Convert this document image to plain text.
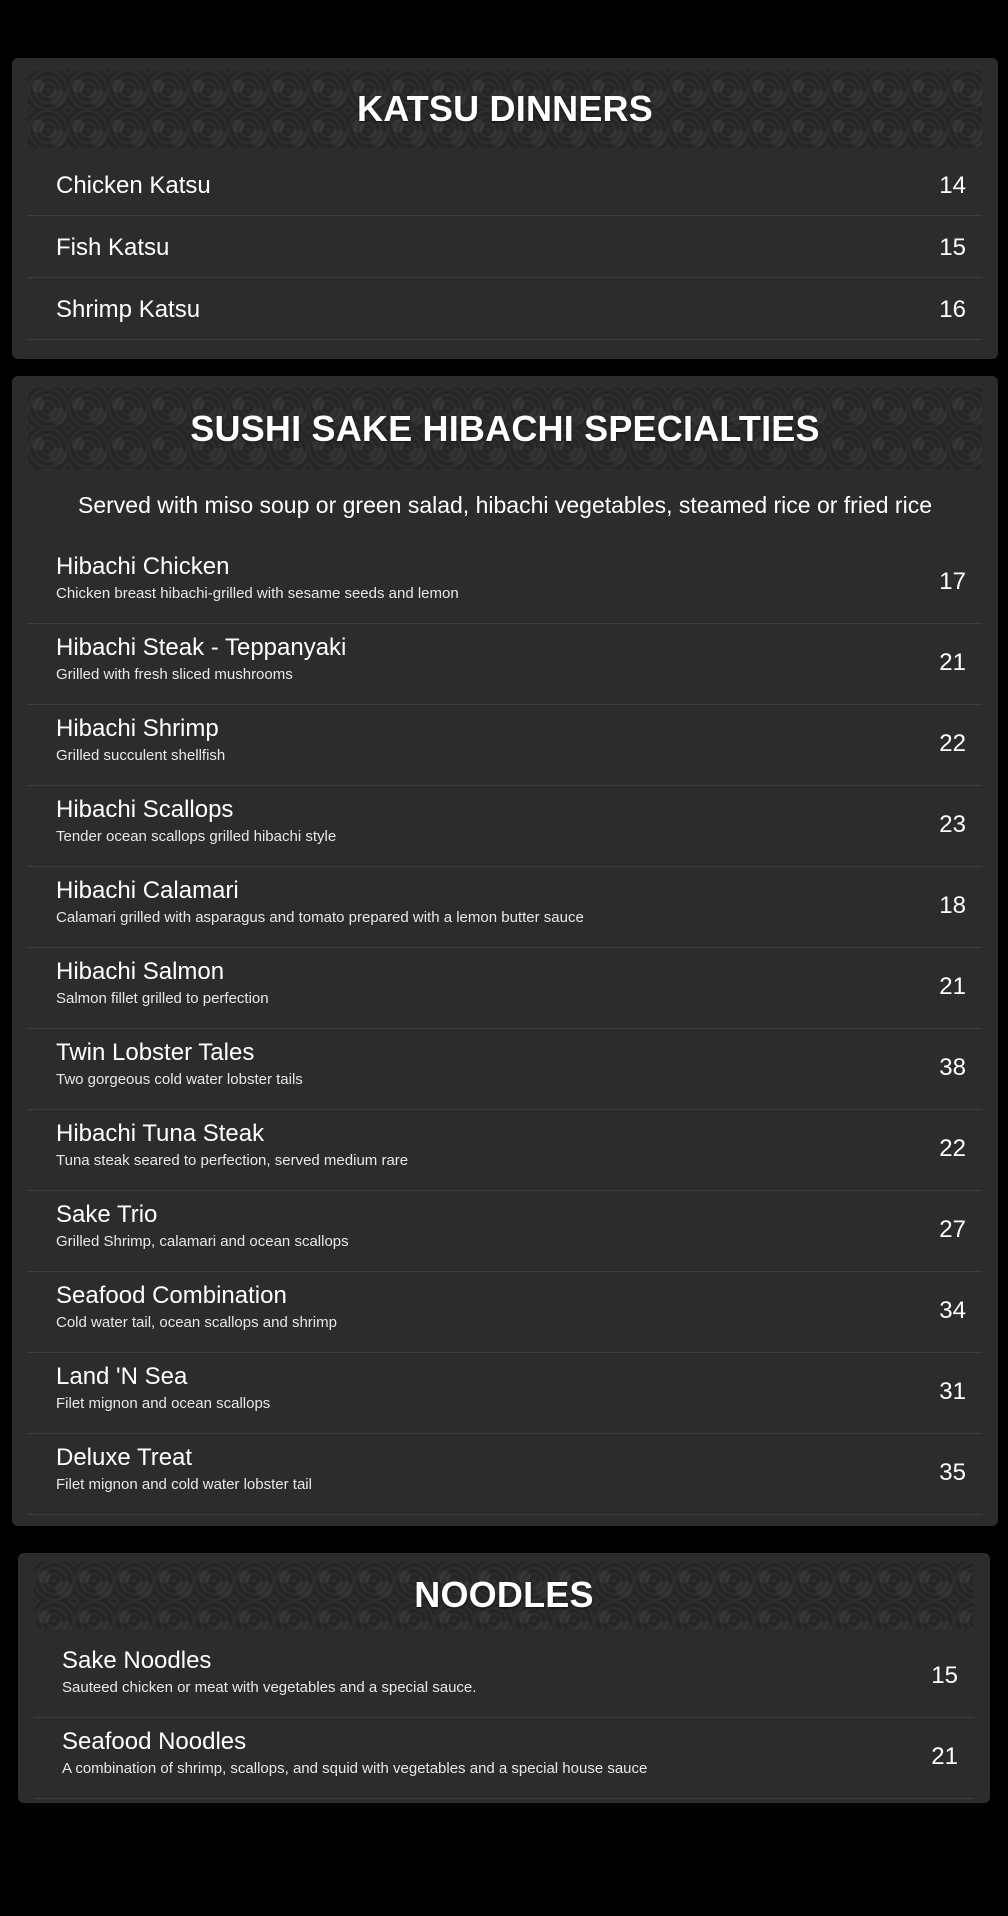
KATSU DINNERS
Chicken Katsu	14
Fish Katsu	15
Shrimp Katsu	16
SUSHI SAKE HIBACHI SPECIALTIES
Served with miso soup or green salad, hibachi vegetables, steamed rice or fried rice
Hibachi Chicken
Chicken breast hibachi-grilled with sesame seeds and lemon	17
Hibachi Steak - Teppanyaki
Grilled with fresh sliced mushrooms	21
Hibachi Shrimp
Grilled succulent shellfish	22
Hibachi Scallops
Tender ocean scallops grilled hibachi style	23
Hibachi Calamari
Calamari grilled with asparagus and tomato prepared with a lemon butter sauce	18
Hibachi Salmon
Salmon fillet grilled to perfection	21
Twin Lobster Tales
Two gorgeous cold water lobster tails	38
Hibachi Tuna Steak
Tuna steak seared to perfection, served medium rare	22
Sake Trio
Grilled Shrimp, calamari and ocean scallops	27
Seafood Combination
Cold water tail, ocean scallops and shrimp	34
Land 'N Sea
Filet mignon and ocean scallops	31
Deluxe Treat
Filet mignon and cold water lobster tail	35
NOODLES
Sake Noodles
Sauteed chicken or meat with vegetables and a special sauce.	15
Seafood Noodles
A combination of shrimp, scallops, and squid with vegetables and a special house sauce	21
